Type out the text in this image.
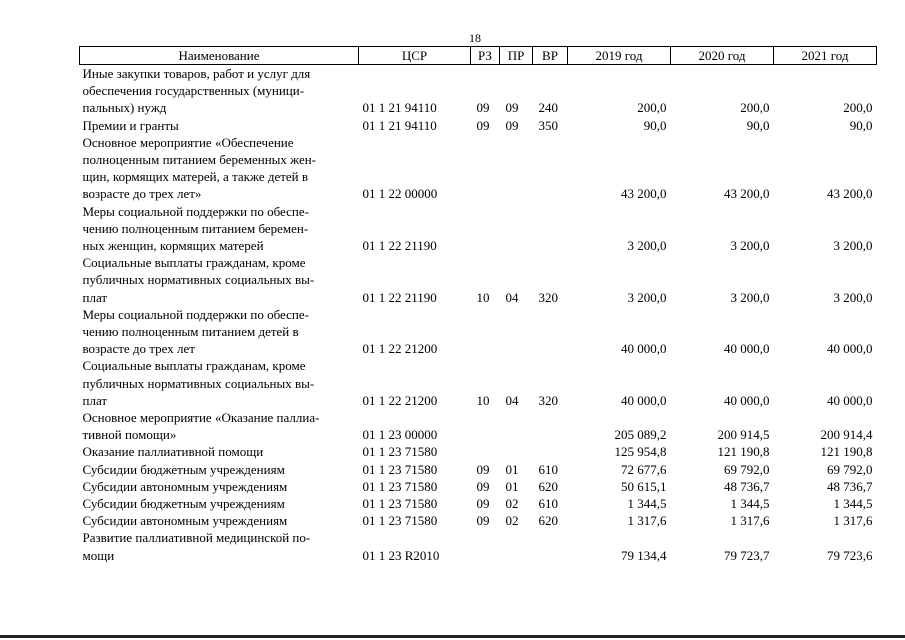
18
Наименование	ЦСР	РЗ	ПР	ВР	2019 год	2020 год	2021 год

Иные закупки товаров, работ и услуг для
обеспечения государственных (муници-
пальных) нужд	01 1 21 94110	09	09	240	200,0	200,0	200,0

Премии и гранты	01 1 21 94110	09	09	350	90,0	90,0	90,0

Основное мероприятие «Обеспечение
полноценным питанием беременных жен-
щин, кормящих матерей, а также детей в
возрасте до трех лет»	01 1 22 00000				43 200,0	43 200,0	43 200,0

Меры социальной поддержки по обеспе-
чению полноценным питанием беремен-
ных женщин, кормящих матерей	01 1 22 21190				3 200,0	3 200,0	3 200,0

Социальные выплаты гражданам, кроме
публичных нормативных социальных вы-
плат	01 1 22 21190	10	04	320	3 200,0	3 200,0	3 200,0

Меры социальной поддержки по обеспе-
чению полноценным питанием детей в
возрасте до трех лет	01 1 22 21200				40 000,0	40 000,0	40 000,0

Социальные выплаты гражданам, кроме
публичных нормативных социальных вы-
плат	01 1 22 21200	10	04	320	40 000,0	40 000,0	40 000,0

Основное мероприятие «Оказание паллиа-
тивной помощи»	01 1 23 00000				205 089,2	200 914,5	200 914,4

Оказание паллиативной помощи	01 1 23 71580				125 954,8	121 190,8	121 190,8

Субсидии бюджетным учреждениям	01 1 23 71580	09	01	610	72 677,6	69 792,0	69 792,0

Субсидии автономным учреждениям	01 1 23 71580	09	01	620	50 615,1	48 736,7	48 736,7

Субсидии бюджетным учреждениям	01 1 23 71580	09	02	610	1 344,5	1 344,5	1 344,5

Субсидии автономным учреждениям	01 1 23 71580	09	02	620	1 317,6	1 317,6	1 317,6

Развитие паллиативной медицинской по-
мощи	01 1 23 R2010				79 134,4	79 723,7	79 723,6
